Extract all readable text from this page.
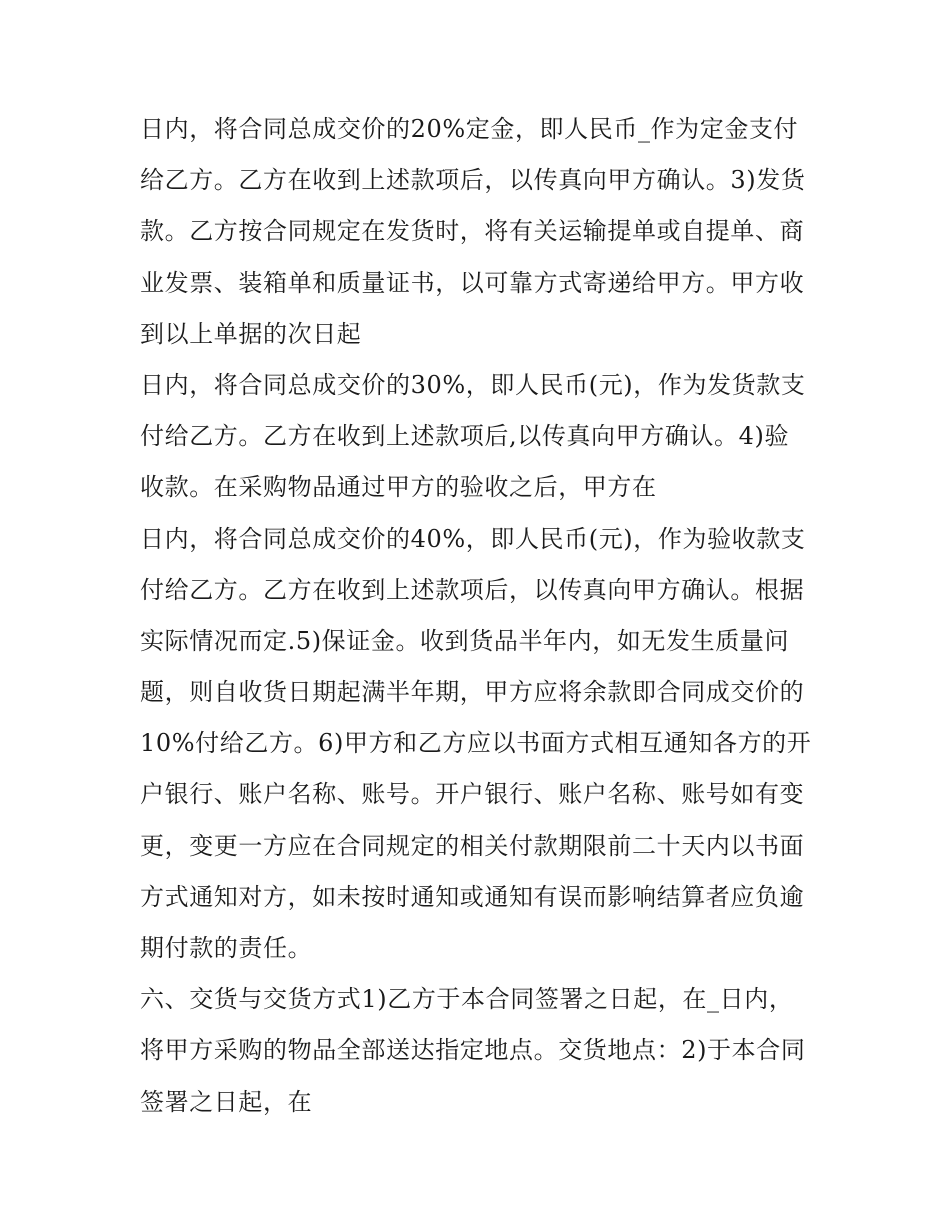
日内，将合同总成交价的20%定金，即人民币_作为定金支付
给乙方。乙方在收到上述款项后，以传真向甲方确认。3)发货
款。乙方按合同规定在发货时，将有关运输提单或自提单、商
业发票、装箱单和质量证书，以可靠方式寄递给甲方。甲方收
到以上单据的次日起
日内，将合同总成交价的30%，即人民币(元)，作为发货款支
付给乙方。乙方在收到上述款项后,以传真向甲方确认。4)验
收款。在采购物品通过甲方的验收之后，甲方在
日内，将合同总成交价的40%，即人民币(元)，作为验收款支
付给乙方。乙方在收到上述款项后，以传真向甲方确认。根据
实际情况而定.5)保证金。收到货品半年内，如无发生质量问
题，则自收货日期起满半年期，甲方应将余款即合同成交价的
10%付给乙方。6)甲方和乙方应以书面方式相互通知各方的开
户银行、账户名称、账号。开户银行、账户名称、账号如有变
更，变更一方应在合同规定的相关付款期限前二十天内以书面
方式通知对方，如未按时通知或通知有误而影响结算者应负逾
期付款的责任。
六、交货与交货方式1)乙方于本合同签署之日起，在_日内，
将甲方采购的物品全部送达指定地点。交货地点：2)于本合同
签署之日起，在
